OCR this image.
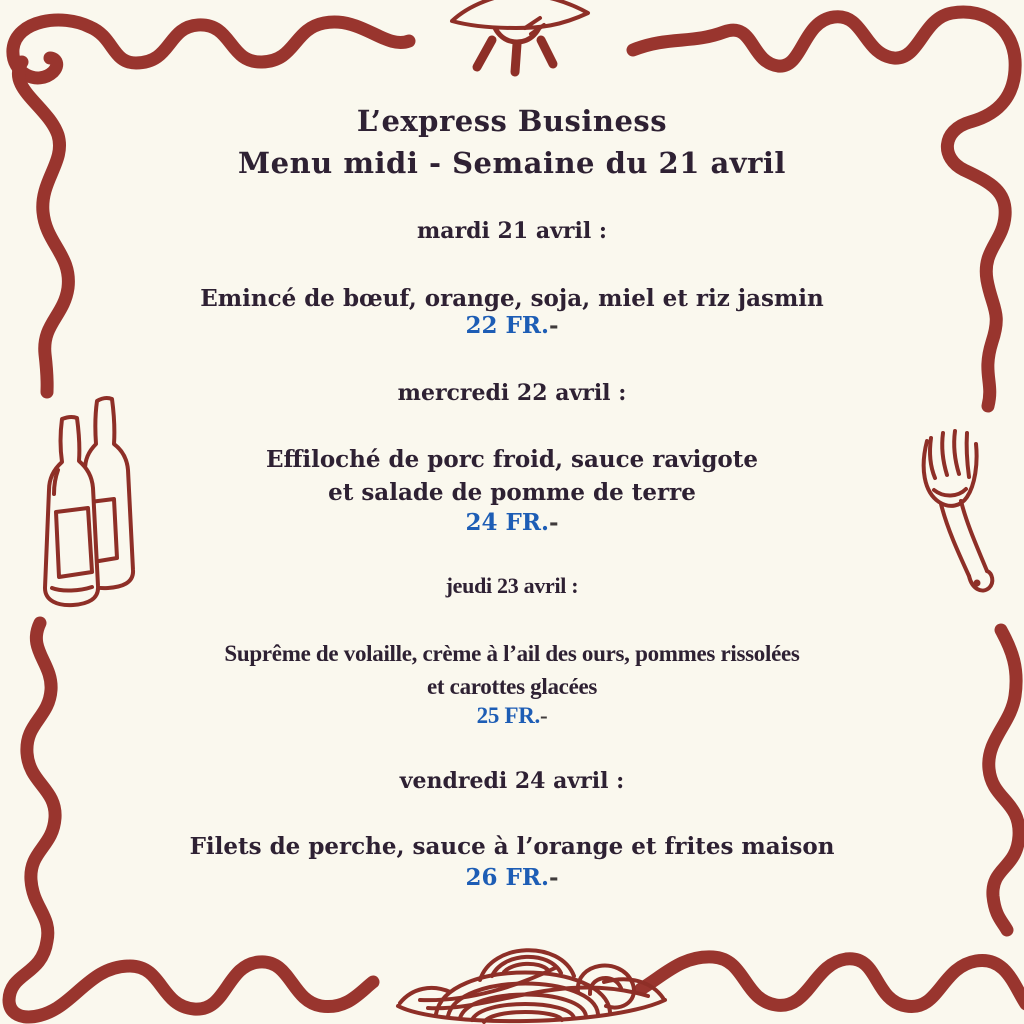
L’express Business
Menu midi - Semaine du 21 avril
mardi 21 avril :
Emincé de bœuf, orange, soja, miel et riz jasmin
22 FR.-
mercredi 22 avril :
Effiloché de porc froid, sauce ravigote
et salade de pomme de terre
24 FR.-
jeudi 23 avril :
Suprême de volaille, crème à l’ail des ours, pommes rissolées
et carottes glacées
25 FR.-
vendredi 24 avril :
Filets de perche, sauce à l’orange et frites maison
26 FR.-
